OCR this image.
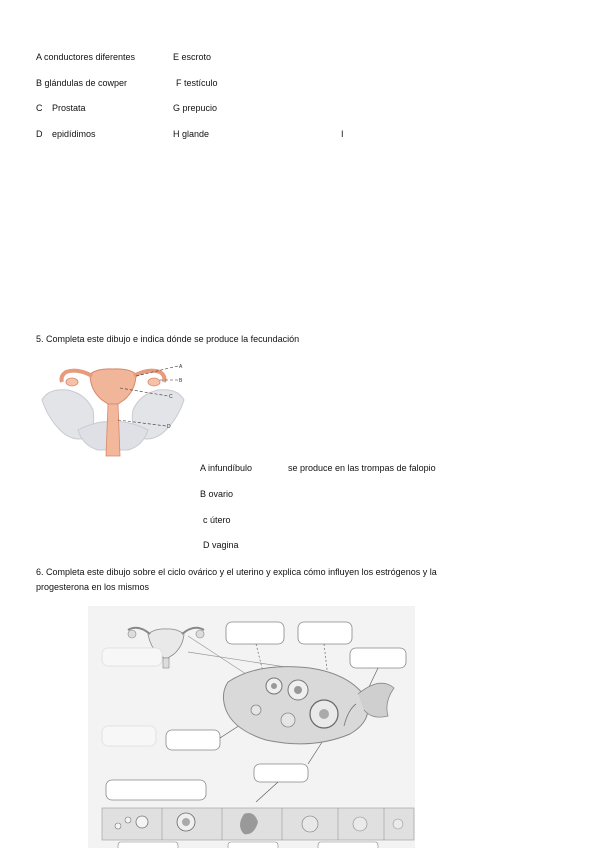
A conductores diferentes	E escroto
B glándulas de cowper	F testículo
C Prostata	G prepucio
D epidídimos	H glande	I
5. Completa este dibujo e indica dónde se produce la fecundación
A
B
C
D
A infundíbulo	se produce en las trompas de falopio
B ovario
c útero
D vagina
6. Completa este dibujo sobre el ciclo ovárico y el uterino y explica cómo influyen los estrógenos y la
progesterona en los mismos
